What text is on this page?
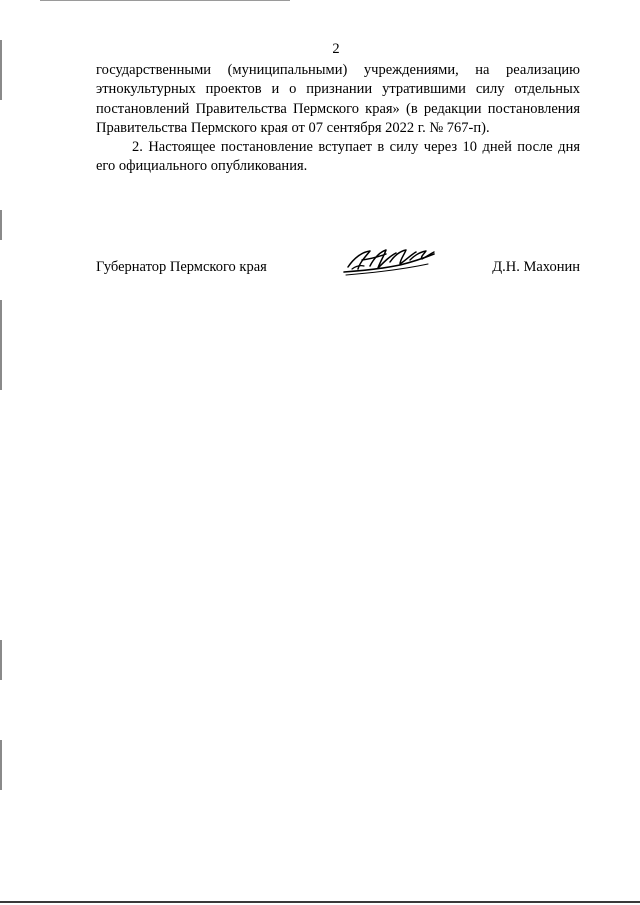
2
государственными (муниципальными) учреждениями, на реализацию
этнокультурных проектов и о признании утратившими силу отдельных
постановлений Правительства Пермского края» (в редакции постановления
Правительства Пермского края от 07 сентября 2022 г. № 767-п).
2. Настоящее постановление вступает в силу через 10 дней после дня
его официального опубликования.
Губернатор Пермского края	Д.Н. Махонин
